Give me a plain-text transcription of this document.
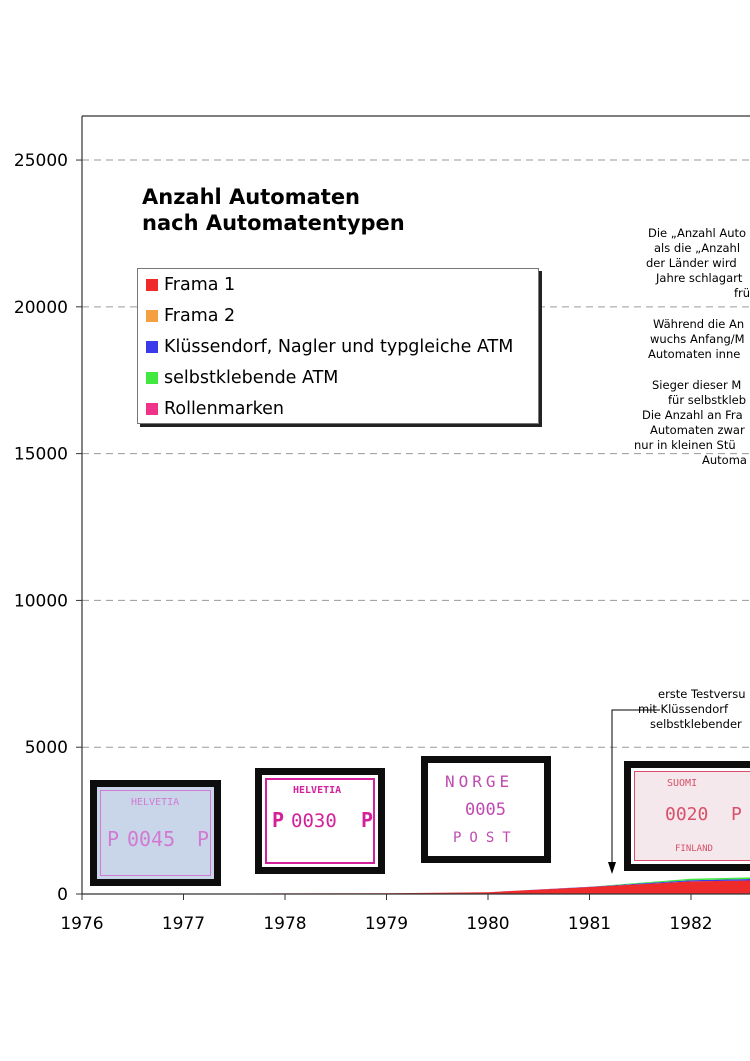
0
5000
10000
15000
20000
25000
1976	1977	1978	1979	1980	1981	1982
Anzahl Automaten
nach Automatentypen
Frama 1
Frama 2
Klüssendorf, Nagler und typgleiche ATM
selbstklebende ATM
Rollenmarken

Die „Anzahl Auto
als die „Anzahl
der Länder wird
Jahre schlagart
frü

Während die An
wuchs Anfang/M
Automaten inne

Sieger dieser M
für selbstkleb
Die Anzahl an Fra
Automaten zwar
nur in kleinen Stü
Automa

erste Testversu
mit Klüssendorf
selbstklebender
HELVETIA
P 0045 P
HELVETIA
P 0030 P
NORGE
0005
POST
SUOMI
0020 P
FINLAND
